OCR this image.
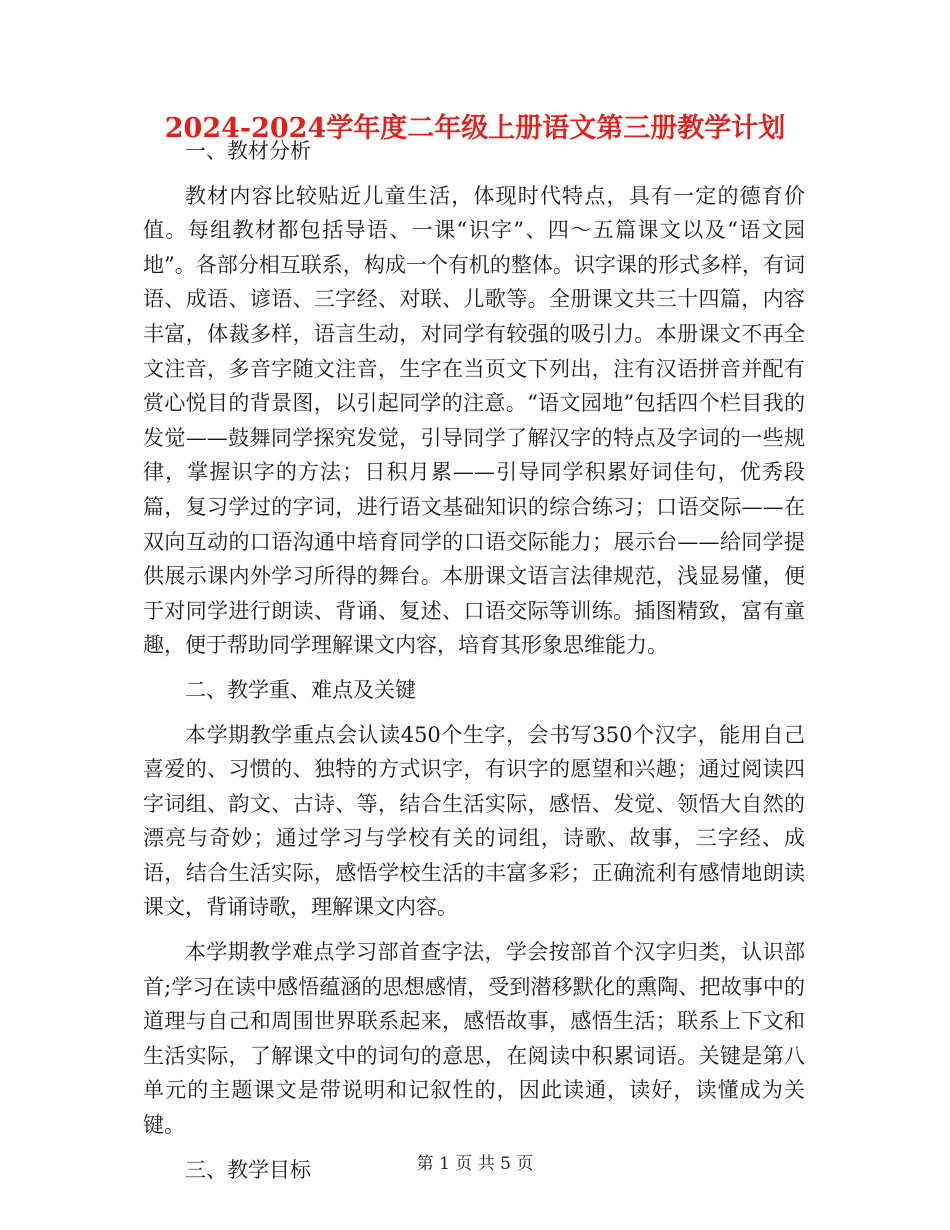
2024-2024学年度二年级上册语文第三册教学计划

一、教材分析

教材内容比较贴近儿童生活，体现时代特点，具有一定的德育价值。每组教材都包括导语、一课“识字”、四～五篇课文以及“语文园地”。各部分相互联系，构成一个有机的整体。识字课的形式多样，有词语、成语、谚语、三字经、对联、儿歌等。全册课文共三十四篇，内容丰富，体裁多样，语言生动，对同学有较强的吸引力。本册课文不再全文注音，多音字随文注音，生字在当页文下列出，注有汉语拼音并配有赏心悦目的背景图，以引起同学的注意。“语文园地”包括四个栏目我的发觉——鼓舞同学探究发觉，引导同学了解汉字的特点及字词的一些规律，掌握识字的方法；日积月累——引导同学积累好词佳句，优秀段篇，复习学过的字词，进行语文基础知识的综合练习；口语交际——在双向互动的口语沟通中培育同学的口语交际能力；展示台——给同学提供展示课内外学习所得的舞台。本册课文语言法律规范，浅显易懂，便于对同学进行朗读、背诵、复述、口语交际等训练。插图精致，富有童趣，便于帮助同学理解课文内容，培育其形象思维能力。

二、教学重、难点及关键

本学期教学重点会认读450个生字，会书写350个汉字，能用自己喜爱的、习惯的、独特的方式识字，有识字的愿望和兴趣；通过阅读四字词组、韵文、古诗、等，结合生活实际，感悟、发觉、领悟大自然的漂亮与奇妙；通过学习与学校有关的词组，诗歌、故事，三字经、成语，结合生活实际，感悟学校生活的丰富多彩；正确流利有感情地朗读课文，背诵诗歌，理解课文内容。

本学期教学难点学习部首查字法，学会按部首个汉字归类，认识部首;学习在读中感悟蕴涵的思想感情，受到潜移默化的熏陶、把故事中的道理与自己和周围世界联系起来，感悟故事，感悟生活；联系上下文和生活实际，了解课文中的词句的意思，在阅读中积累词语。关键是第八单元的主题课文是带说明和记叙性的，因此读通，读好，读懂成为关键。

三、教学目标	第 1 页 共 5 页
